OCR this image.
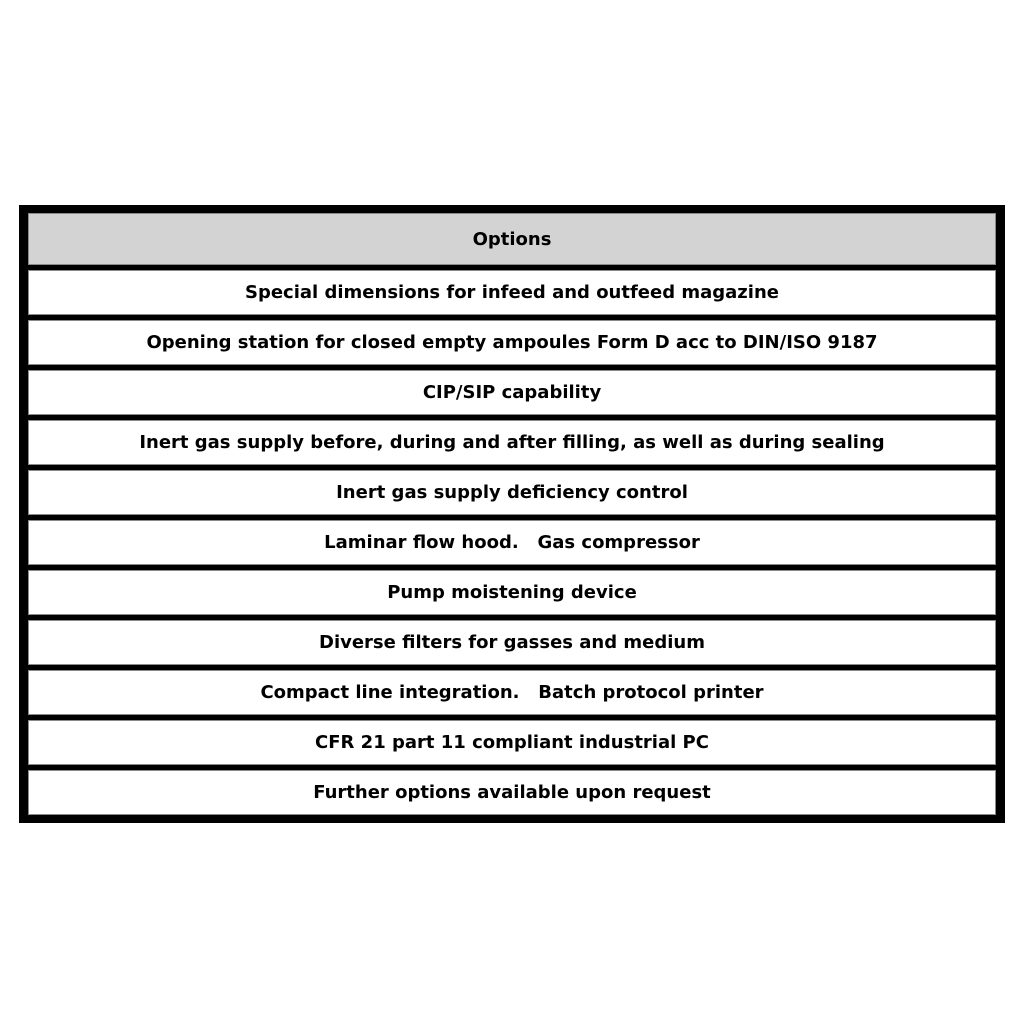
Options
Special dimensions for infeed and outfeed magazine
Opening station for closed empty ampoules Form D acc to DIN/ISO 9187
CIP/SIP capability
Inert gas supply before, during and after filling, as well as during sealing
Inert gas supply deficiency control
Laminar flow hood.   Gas compressor
Pump moistening device
Diverse filters for gasses and medium
Compact line integration.   Batch protocol printer
CFR 21 part 11 compliant industrial PC
Further options available upon request
